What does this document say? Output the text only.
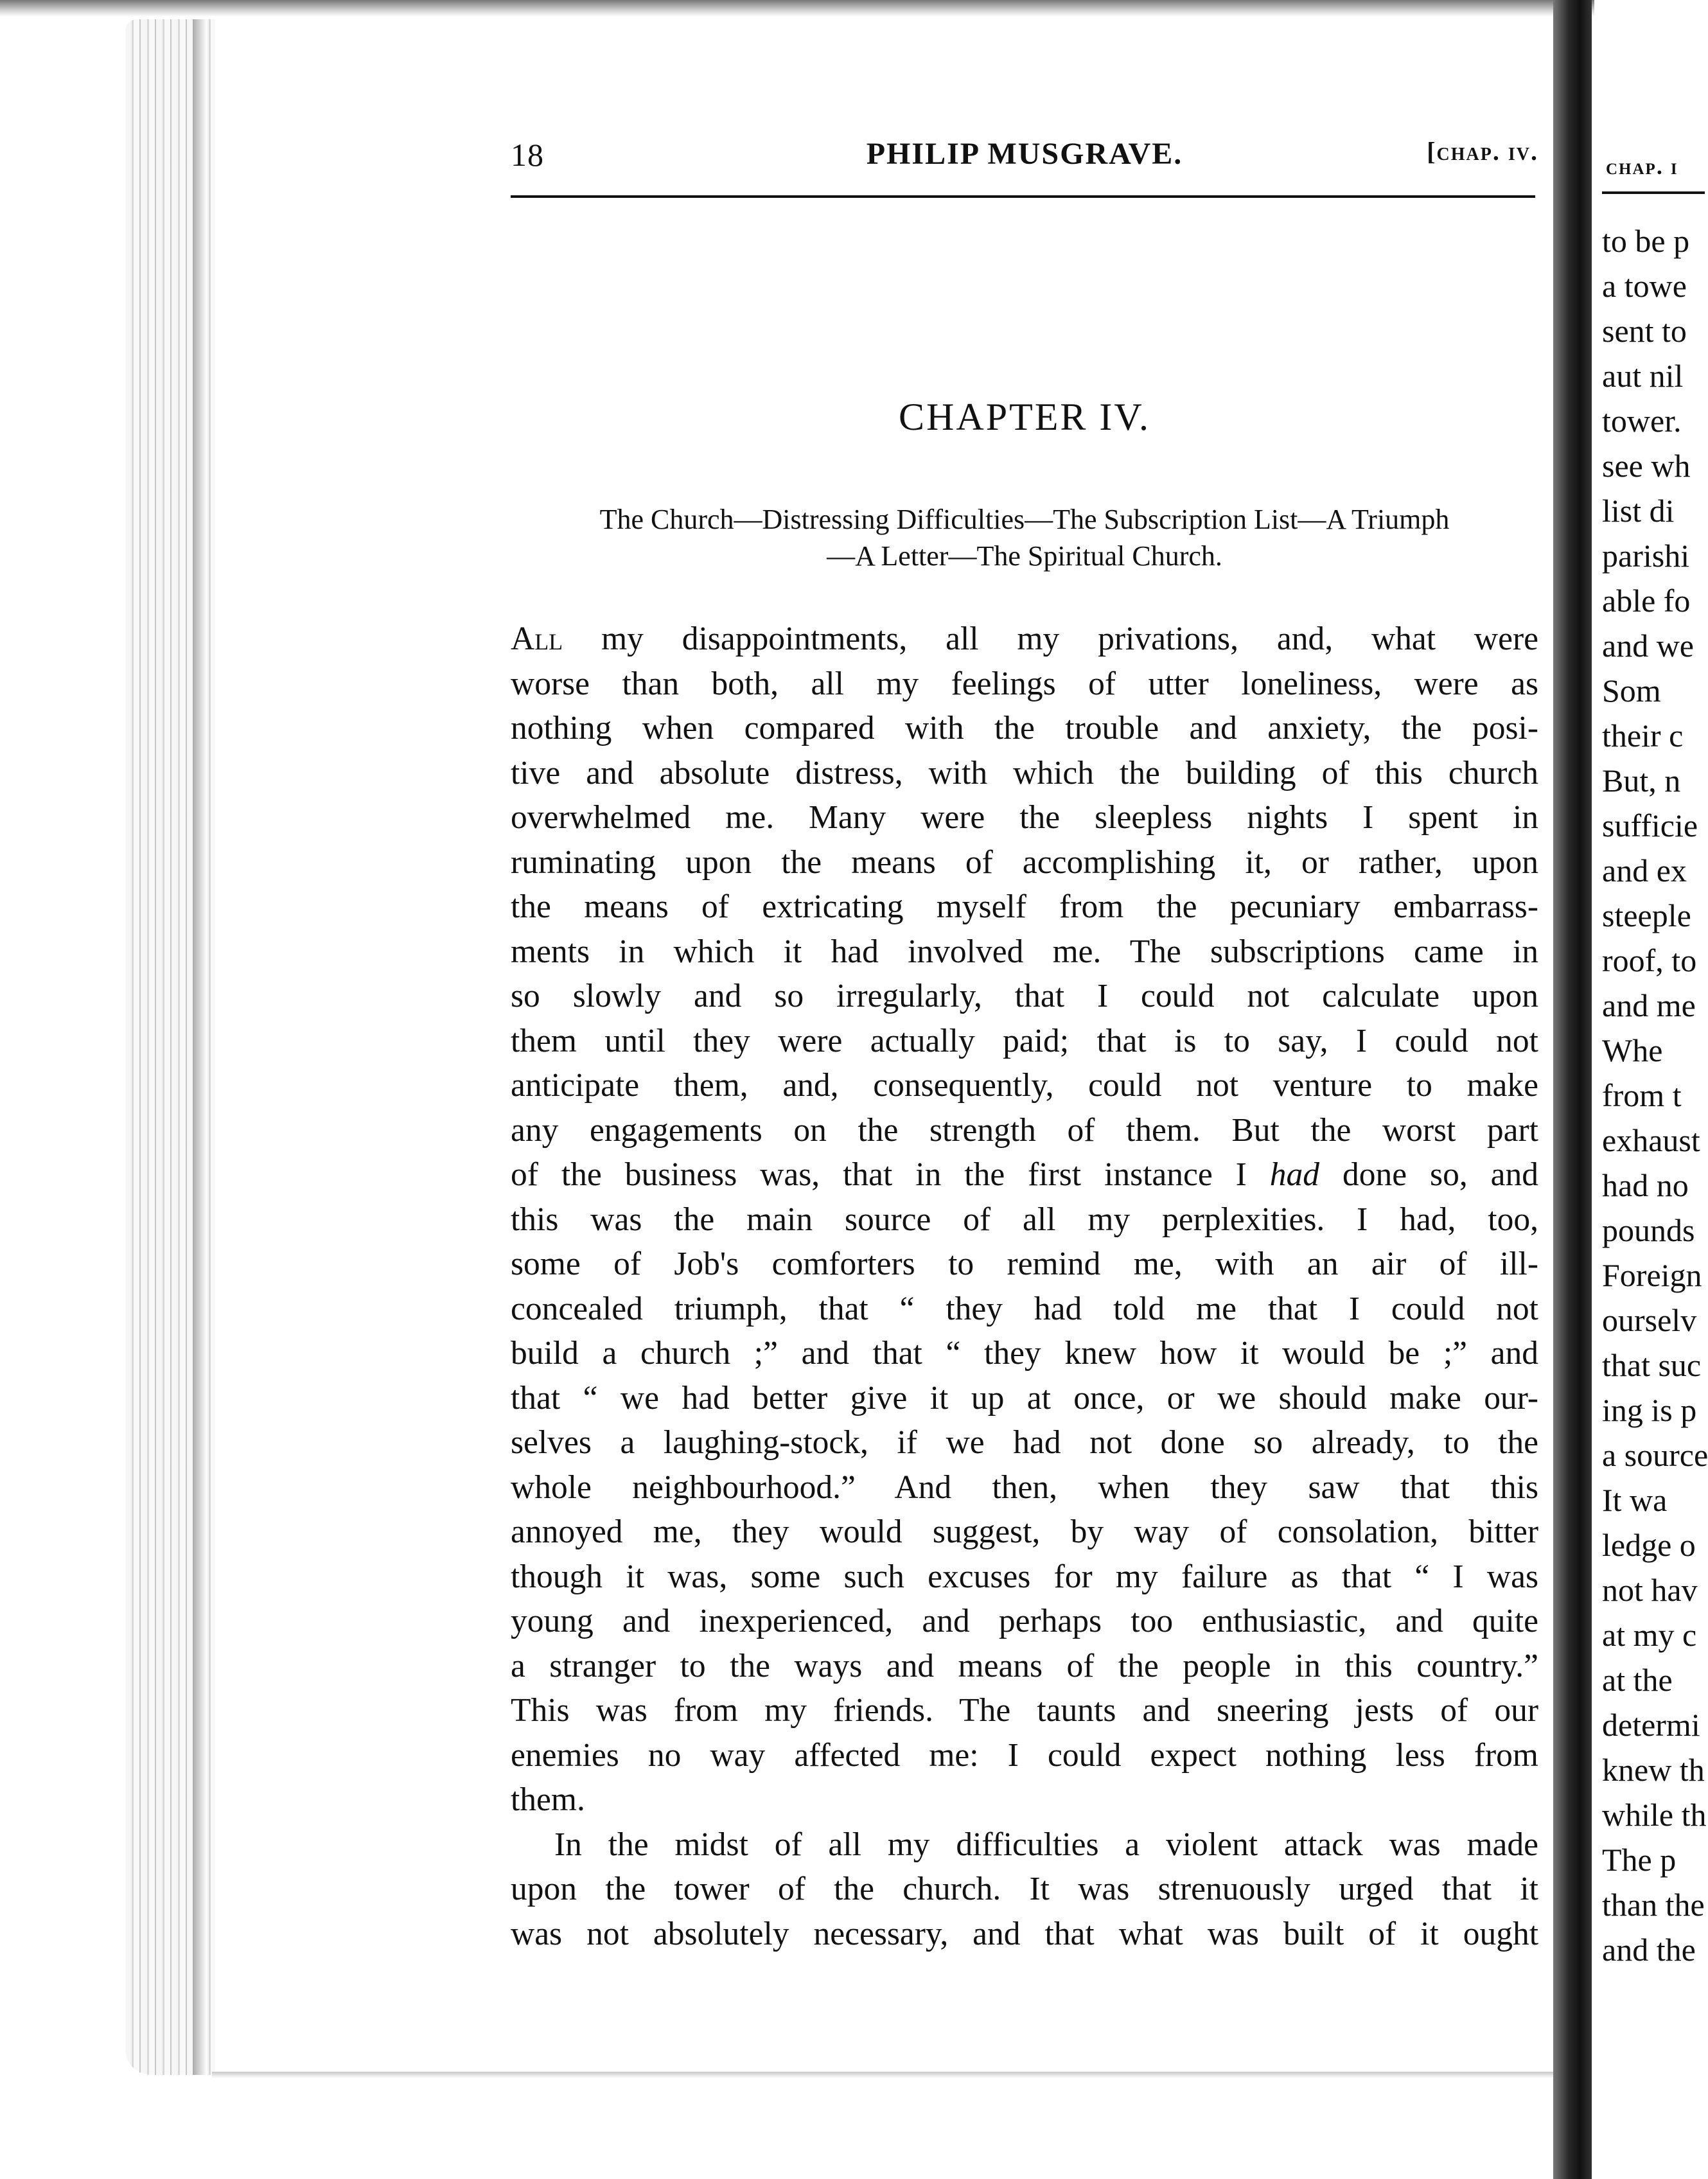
18	PHILIP MUSGRAVE.	[chap. iv.
CHAPTER IV.
The Church—Distressing Difficulties—The Subscription List—A Triumph
—A Letter—The Spiritual Church.
All my disappointments, all my privations, and, what were
worse than both, all my feelings of utter loneliness, were as
nothing when compared with the trouble and anxiety, the posi-
tive and absolute distress, with which the building of this church
overwhelmed me. Many were the sleepless nights I spent in
ruminating upon the means of accomplishing it, or rather, upon
the means of extricating myself from the pecuniary embarrass-
ments in which it had involved me. The subscriptions came in
so slowly and so irregularly, that I could not calculate upon
them until they were actually paid; that is to say, I could not
anticipate them, and, consequently, could not venture to make
any engagements on the strength of them. But the worst part
of the business was, that in the first instance I had done so, and
this was the main source of all my perplexities. I had, too,
some of Job's comforters to remind me, with an air of ill-
concealed triumph, that “ they had told me that I could not
build a church ;” and that “ they knew how it would be ;” and
that “ we had better give it up at once, or we should make our-
selves a laughing-stock, if we had not done so already, to the
whole neighbourhood.” And then, when they saw that this
annoyed me, they would suggest, by way of consolation, bitter
though it was, some such excuses for my failure as that “ I was
young and inexperienced, and perhaps too enthusiastic, and quite
a stranger to the ways and means of the people in this country.”
This was from my friends. The taunts and sneering jests of our
enemies no way affected me: I could expect nothing less from
them.
In the midst of all my difficulties a violent attack was made
upon the tower of the church. It was strenuously urged that it
was not absolutely necessary, and that what was built of it ought
chap. i
to be p
a towe
sent to
aut nil
tower.
see wh
list di
parishi
able fo
and we
Som
their c
But, n
sufficie
and ex
steeple
roof, to
and me
Whe
from t
exhaust
had no
pounds
Foreign
ourselv
that suc
ing is p
a source
It wa
ledge o
not hav
at my c
at the
determi
knew th
while th
The p
than the
and the
